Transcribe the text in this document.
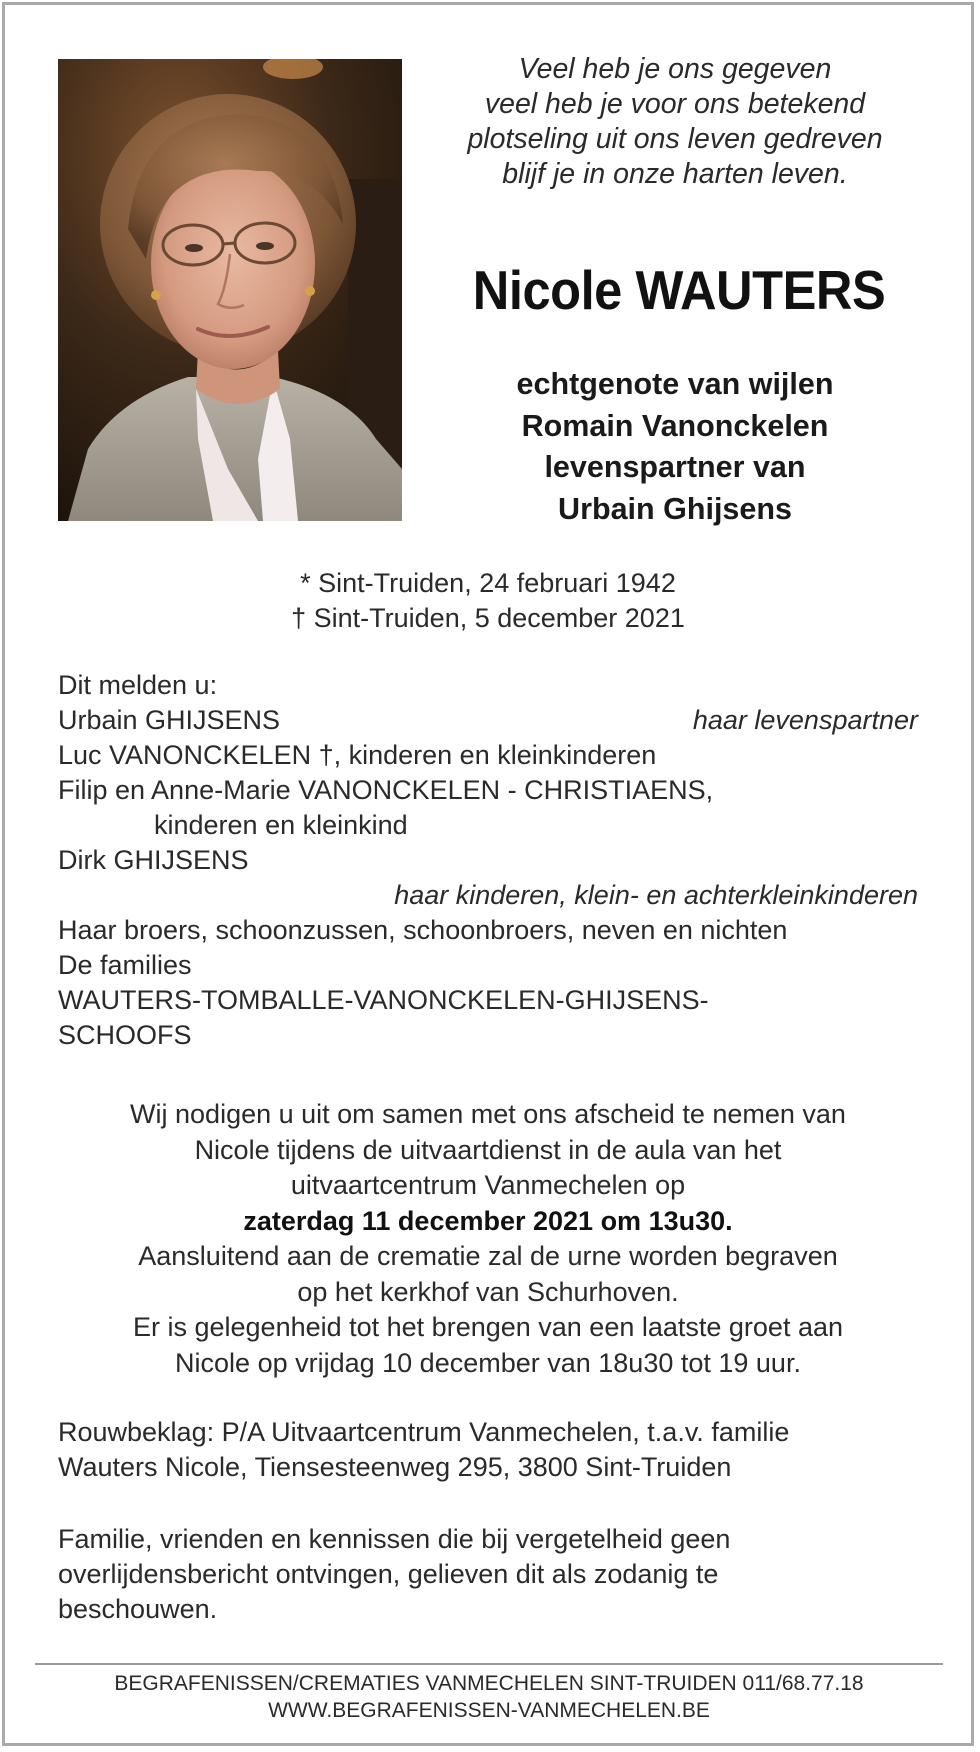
Veel heb je ons gegeven
veel heb je voor ons betekend
plotseling uit ons leven gedreven
blijf je in onze harten leven.
Nicole WAUTERS
echtgenote van wijlen
Romain Vanonckelen
levenspartner van
Urbain Ghijsens
* Sint-Truiden, 24 februari 1942
† Sint-Truiden, 5 december 2021
Dit melden u:
Urbain GHIJSENS	haar levenspartner
Luc VANONCKELEN †, kinderen en kleinkinderen
Filip en Anne-Marie VANONCKELEN - CHRISTIAENS,
kinderen en kleinkind
Dirk GHIJSENS
haar kinderen, klein- en achterkleinkinderen
Haar broers, schoonzussen, schoonbroers, neven en nichten
De families
WAUTERS-TOMBALLE-VANONCKELEN-GHIJSENS-
SCHOOFS
Wij nodigen u uit om samen met ons afscheid te nemen van
Nicole tijdens de uitvaartdienst in de aula van het
uitvaartcentrum Vanmechelen op
zaterdag 11 december 2021 om 13u30.
Aansluitend aan de crematie zal de urne worden begraven
op het kerkhof van Schurhoven.
Er is gelegenheid tot het brengen van een laatste groet aan
Nicole op vrijdag 10 december van 18u30 tot 19 uur.
Rouwbeklag: P/A Uitvaartcentrum Vanmechelen, t.a.v. familie
Wauters Nicole, Tiensesteenweg 295, 3800 Sint-Truiden
Familie, vrienden en kennissen die bij vergetelheid geen
overlijdensbericht ontvingen, gelieven dit als zodanig te
beschouwen.
BEGRAFENISSEN/CREMATIES VANMECHELEN SINT-TRUIDEN 011/68.77.18
WWW.BEGRAFENISSEN-VANMECHELEN.BE
